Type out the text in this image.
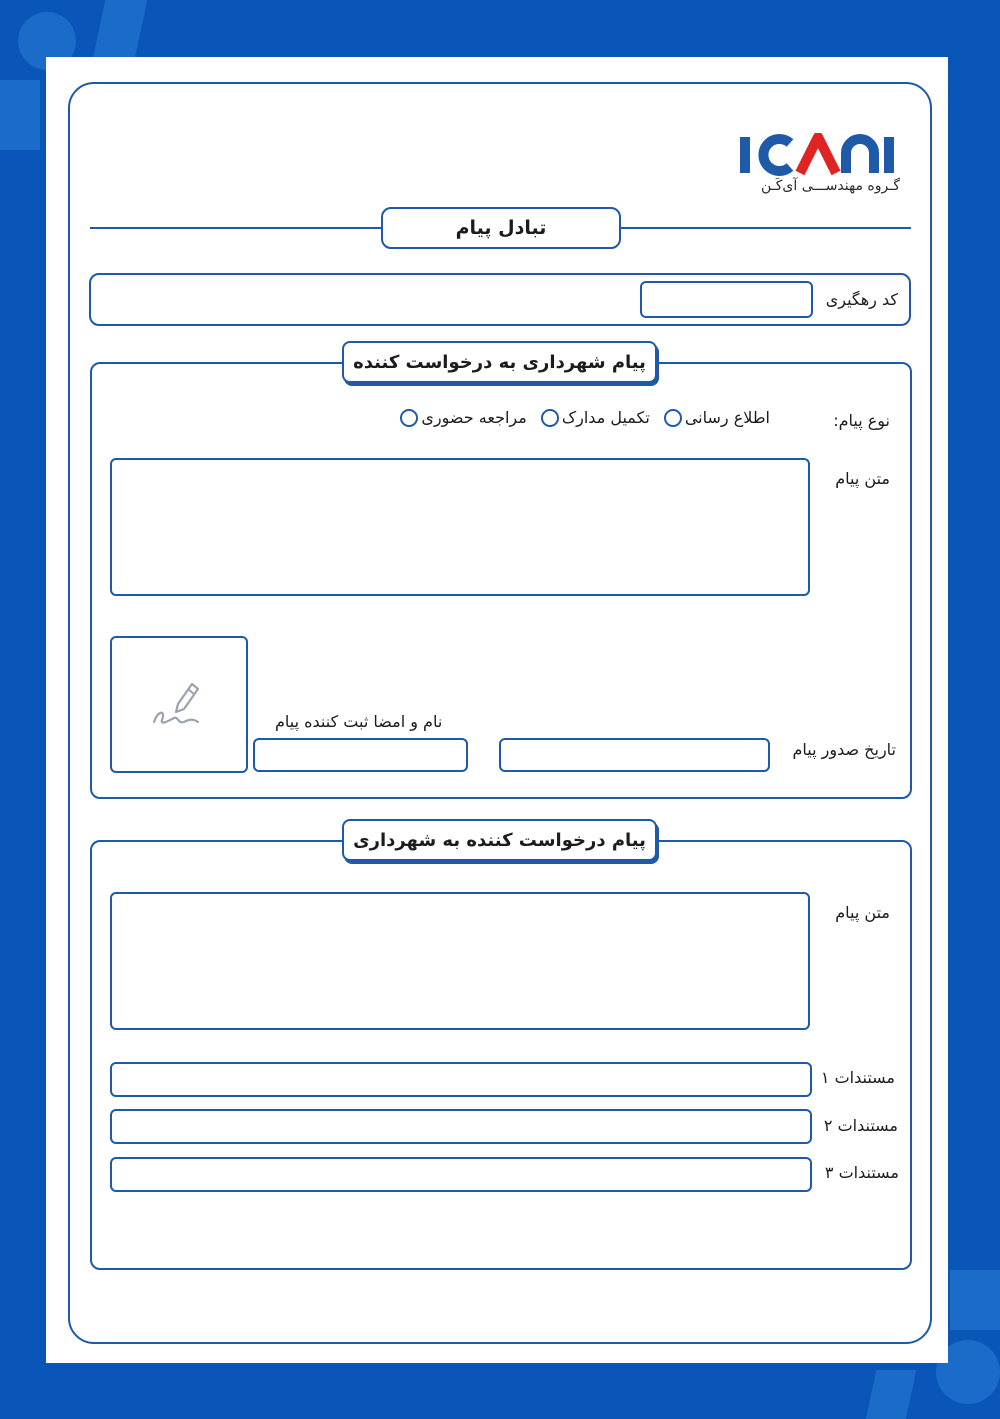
گـروه مهندســـی آی‌کَـن
تبادل پیام
کد رهگیری
پیام شهرداری به درخواست کننده
نوع پیام:
اطلاع رسانی
تکمیل مدارک
مراجعه حضوری
متن پیام
تاریخ صدور پیام
نام و امضا ثبت کننده پیام
پیام درخواست کننده به شهرداری
متن پیام
مستندات ۱
مستندات ۲
مستندات ۳
